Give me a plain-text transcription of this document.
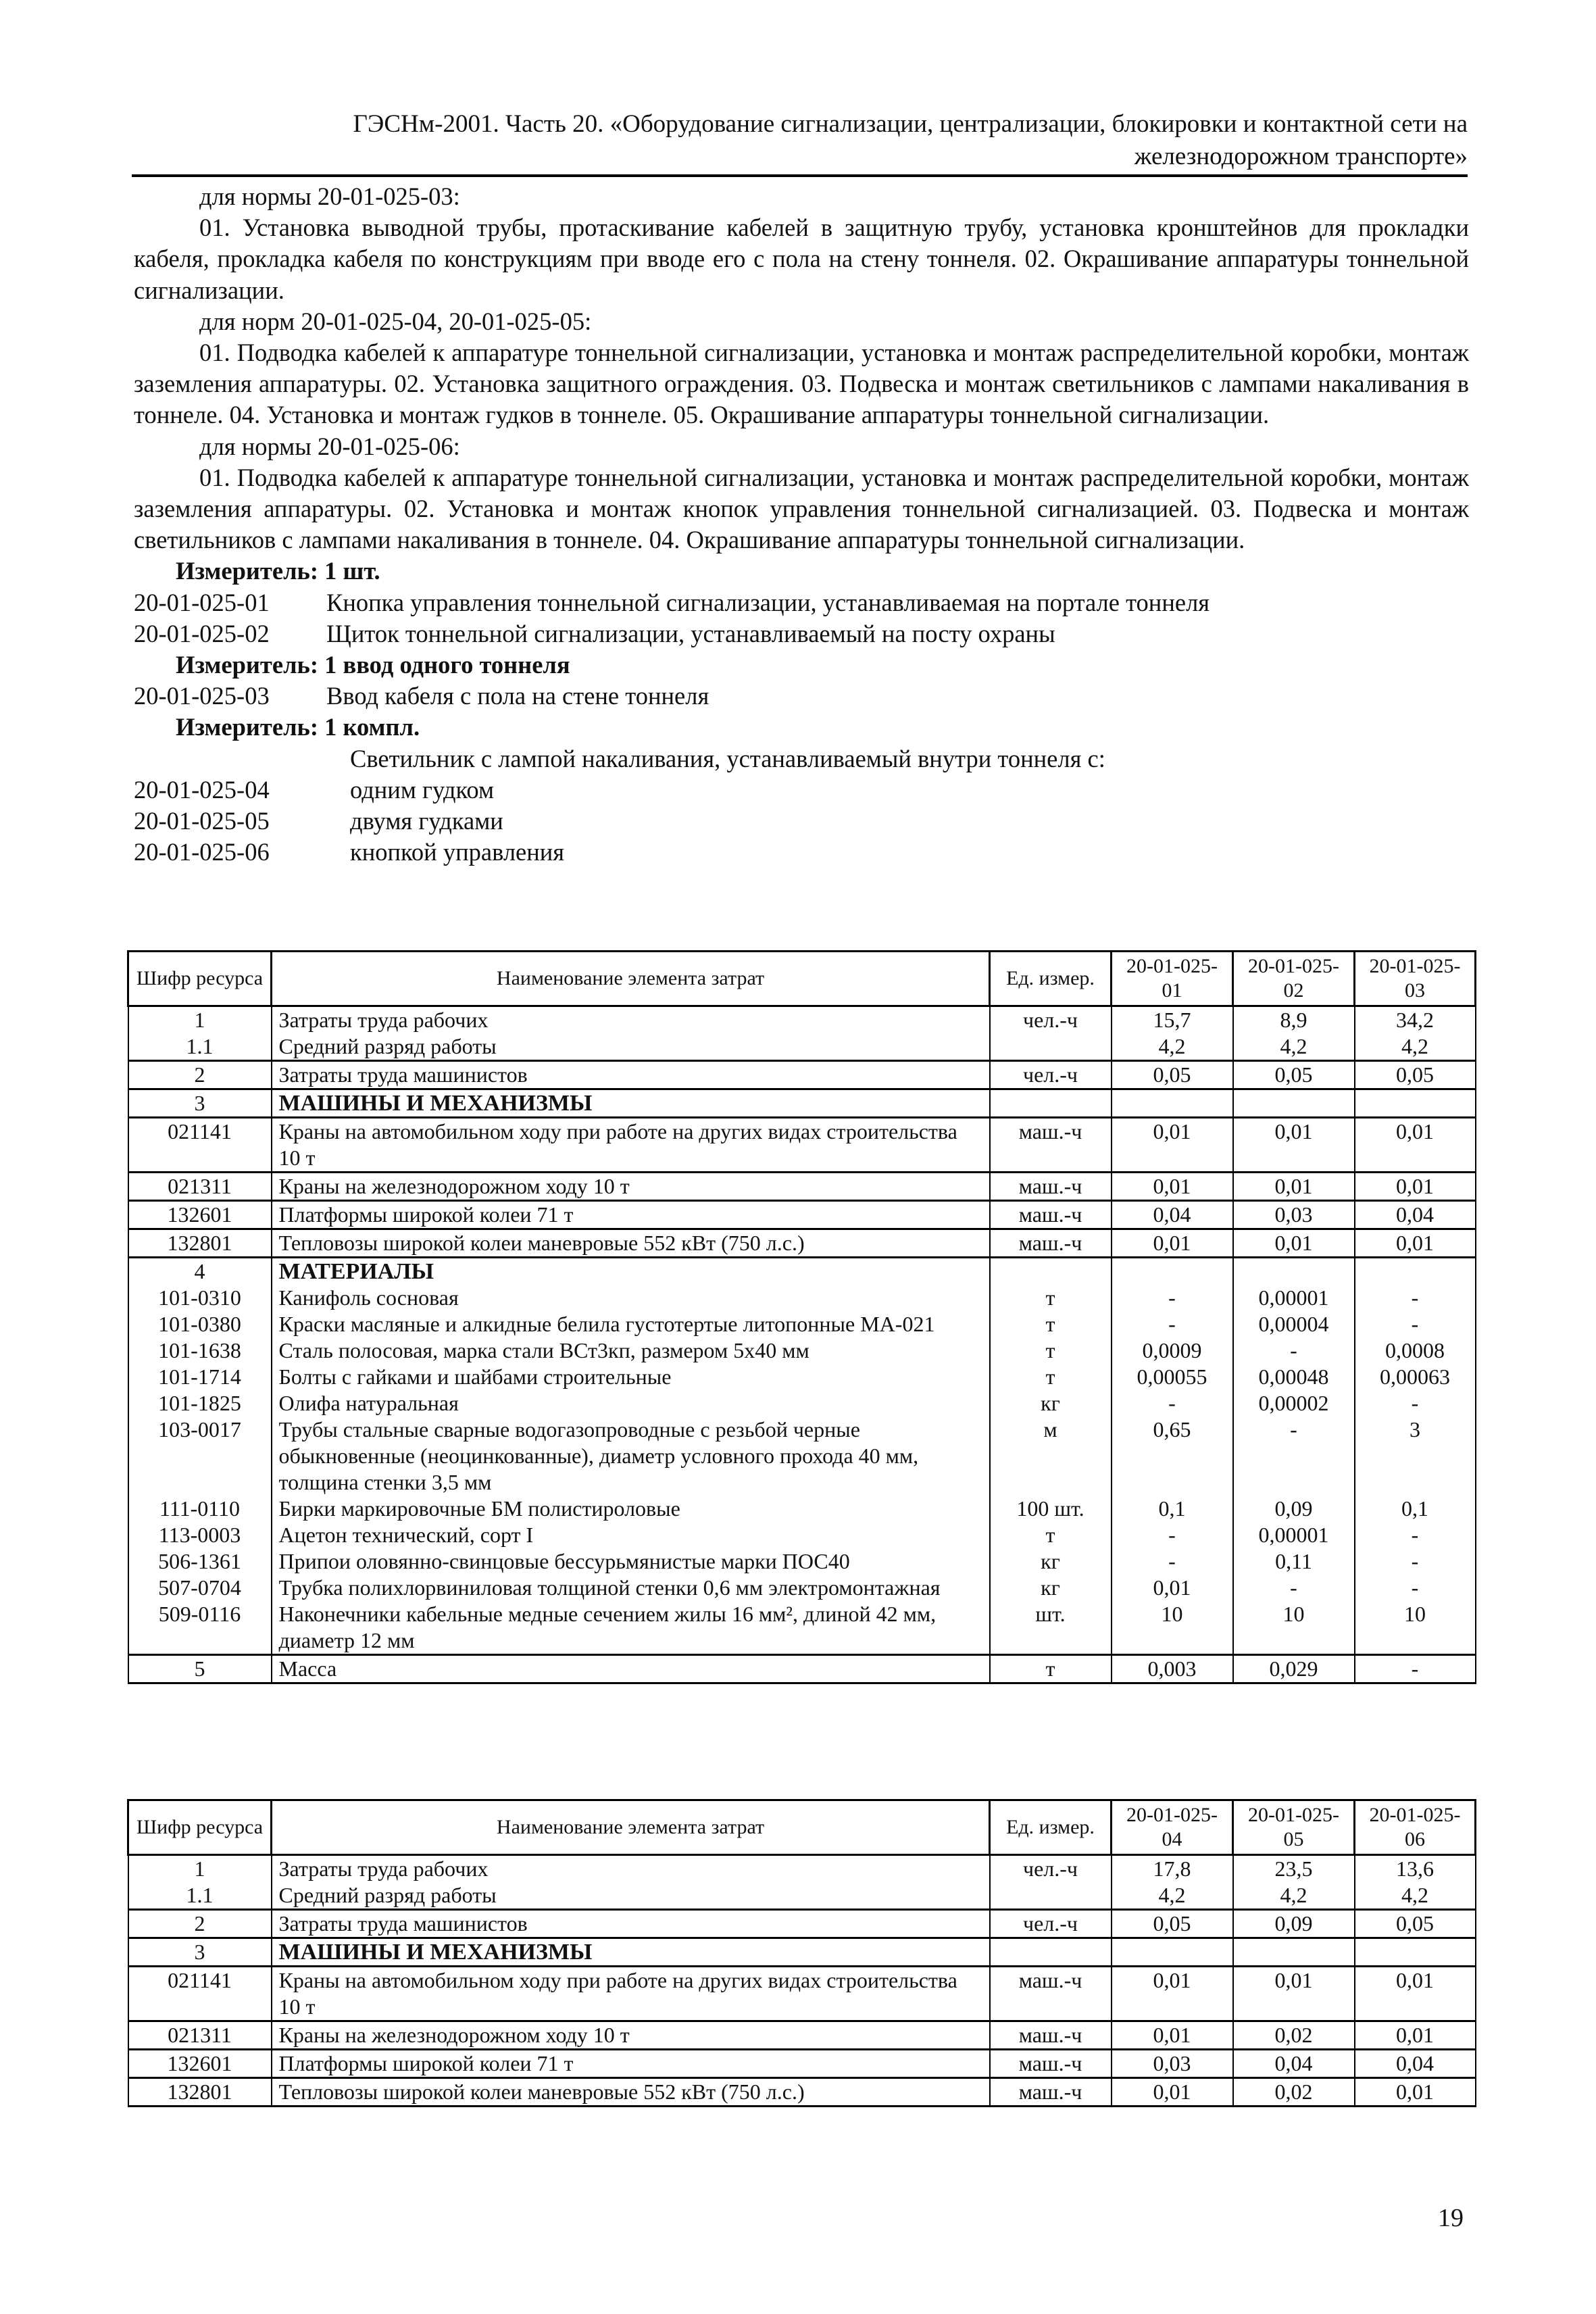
ГЭСНм-2001. Часть 20. «Оборудование сигнализации, централизации, блокировки и контактной сети на
железнодорожном транспорте»
для нормы 20-01-025-03:
01. Установка выводной трубы, протаскивание кабелей в защитную трубу, установка кронштейнов для прокладки кабеля, прокладка кабеля по конструкциям при вводе его с пола на стену тоннеля. 02. Окрашивание аппаратуры тоннельной сигнализации.
для норм 20-01-025-04, 20-01-025-05:
01. Подводка кабелей к аппаратуре тоннельной сигнализации, установка и монтаж распределительной коробки, монтаж заземления аппаратуры. 02. Установка защитного ограждения. 03. Подвеска и монтаж светильников с лампами накаливания в тоннеле. 04. Установка и монтаж гудков в тоннеле. 05. Окрашивание аппаратуры тоннельной сигнализации.
для нормы 20-01-025-06:
01. Подводка кабелей к аппаратуре тоннельной сигнализации, установка и монтаж распределительной коробки, монтаж заземления аппаратуры. 02. Установка и монтаж кнопок управления тоннельной сигнализацией. 03. Подвеска и монтаж светильников с лампами накаливания в тоннеле. 04. Окрашивание аппаратуры тоннельной сигнализации.
Измеритель: 1 шт.
20-01-025-01	Кнопка управления тоннельной сигнализации, устанавливаемая на портале тоннеля
20-01-025-02	Щиток тоннельной сигнализации, устанавливаемый на посту охраны
Измеритель: 1 ввод одного тоннеля
20-01-025-03	Ввод кабеля с пола на стене тоннеля
Измеритель: 1 компл.
Светильник с лампой накаливания, устанавливаемый внутри тоннеля с:
20-01-025-04	одним гудком
20-01-025-05	двумя гудками
20-01-025-06	кнопкой управления
Шифр ресурса	Наименование элемента затрат	Ед. измер.	20-01-025-01	20-01-025-02	20-01-025-03
1	Затраты труда рабочих	чел.-ч	15,7	8,9	34,2
1.1	Средний разряд работы		4,2	4,2	4,2
2	Затраты труда машинистов	чел.-ч	0,05	0,05	0,05
3	МАШИНЫ И МЕХАНИЗМЫ				
021141	Краны на автомобильном ходу при работе на других видах строительства 10 т	маш.-ч	0,01	0,01	0,01
021311	Краны на железнодорожном ходу 10 т	маш.-ч	0,01	0,01	0,01
132601	Платформы широкой колеи 71 т	маш.-ч	0,04	0,03	0,04
132801	Тепловозы широкой колеи маневровые 552 кВт (750 л.с.)	маш.-ч	0,01	0,01	0,01
4	МАТЕРИАЛЫ				
101-0310	Канифоль сосновая	т	-	0,00001	-
101-0380	Краски масляные и алкидные белила густотертые литопонные МА-021	т	-	0,00004	-
101-1638	Сталь полосовая, марка стали ВСт3кп, размером 5х40 мм	т	0,0009	-	0,0008
101-1714	Болты с гайками и шайбами строительные	т	0,00055	0,00048	0,00063
101-1825	Олифа натуральная	кг	-	0,00002	-
103-0017	Трубы стальные сварные водогазопроводные с резьбой черные обыкновенные (неоцинкованные), диаметр условного прохода 40 мм, толщина стенки 3,5 мм	м	0,65	-	3
111-0110	Бирки маркировочные БМ полистироловые	100 шт.	0,1	0,09	0,1
113-0003	Ацетон технический, сорт I	т	-	0,00001	-
506-1361	Припои оловянно-свинцовые бессурьмянистые марки ПОС40	кг	-	0,11	-
507-0704	Трубка полихлорвиниловая толщиной стенки 0,6 мм электромонтажная	кг	0,01	-	-
509-0116	Наконечники кабельные медные сечением жилы 16 мм², длиной 42 мм, диаметр 12 мм	шт.	10	10	10
5	Масса	т	0,003	0,029	-
Шифр ресурса	Наименование элемента затрат	Ед. измер.	20-01-025-04	20-01-025-05	20-01-025-06
1	Затраты труда рабочих	чел.-ч	17,8	23,5	13,6
1.1	Средний разряд работы		4,2	4,2	4,2
2	Затраты труда машинистов	чел.-ч	0,05	0,09	0,05
3	МАШИНЫ И МЕХАНИЗМЫ				
021141	Краны на автомобильном ходу при работе на других видах строительства 10 т	маш.-ч	0,01	0,01	0,01
021311	Краны на железнодорожном ходу 10 т	маш.-ч	0,01	0,02	0,01
132601	Платформы широкой колеи 71 т	маш.-ч	0,03	0,04	0,04
132801	Тепловозы широкой колеи маневровые 552 кВт (750 л.с.)	маш.-ч	0,01	0,02	0,01
19
